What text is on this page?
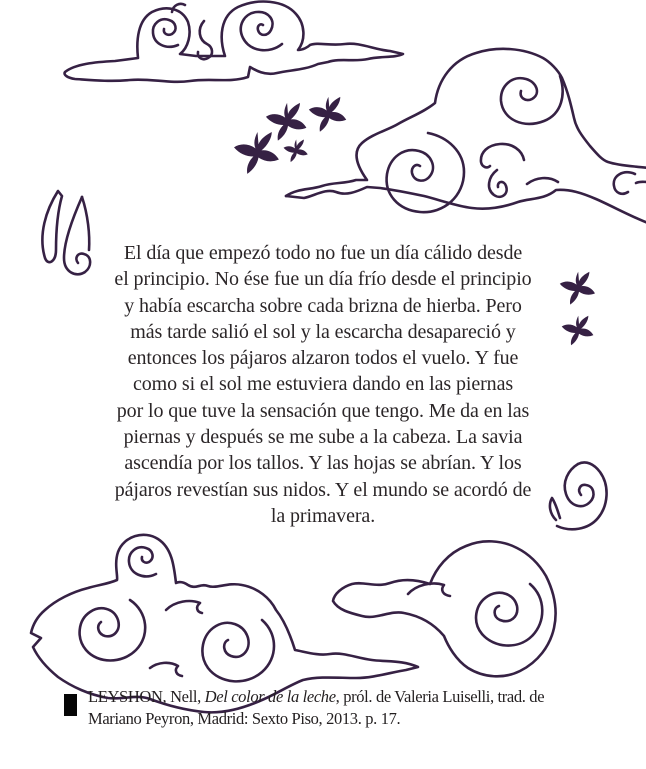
El día que empezó todo no fue un día cálido desde
el principio. No ése fue un día frío desde el principio
y había escarcha sobre cada brizna de hierba. Pero
más tarde salió el sol y la escarcha desapareció y
entonces los pájaros alzaron todos el vuelo. Y fue
como si el sol me estuviera dando en las piernas
por lo que tuve la sensación que tengo. Me da en las
piernas y después se me sube a la cabeza. La savia
ascendía por los tallos. Y las hojas se abrían. Y los
pájaros revestían sus nidos. Y el mundo se acordó de
la primavera.
LEYSHON, Nell, Del color de la leche, pról. de Valeria Luiselli, trad. de
Mariano Peyron, Madrid: Sexto Piso, 2013. p. 17.
